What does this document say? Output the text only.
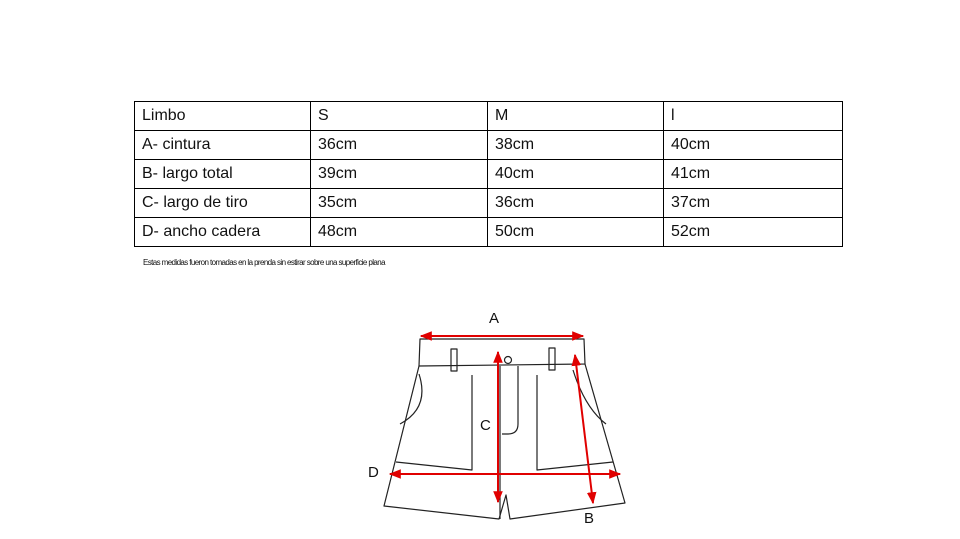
Limbo	S	M	l
A- cintura	36cm	38cm	40cm
B- largo total	39cm	40cm	41cm
C- largo de tiro	35cm	36cm	37cm
D- ancho cadera	48cm	50cm	52cm
Estas medidas fueron tomadas en la prenda sin estirar sobre una superficie plana
A
B
C
D
